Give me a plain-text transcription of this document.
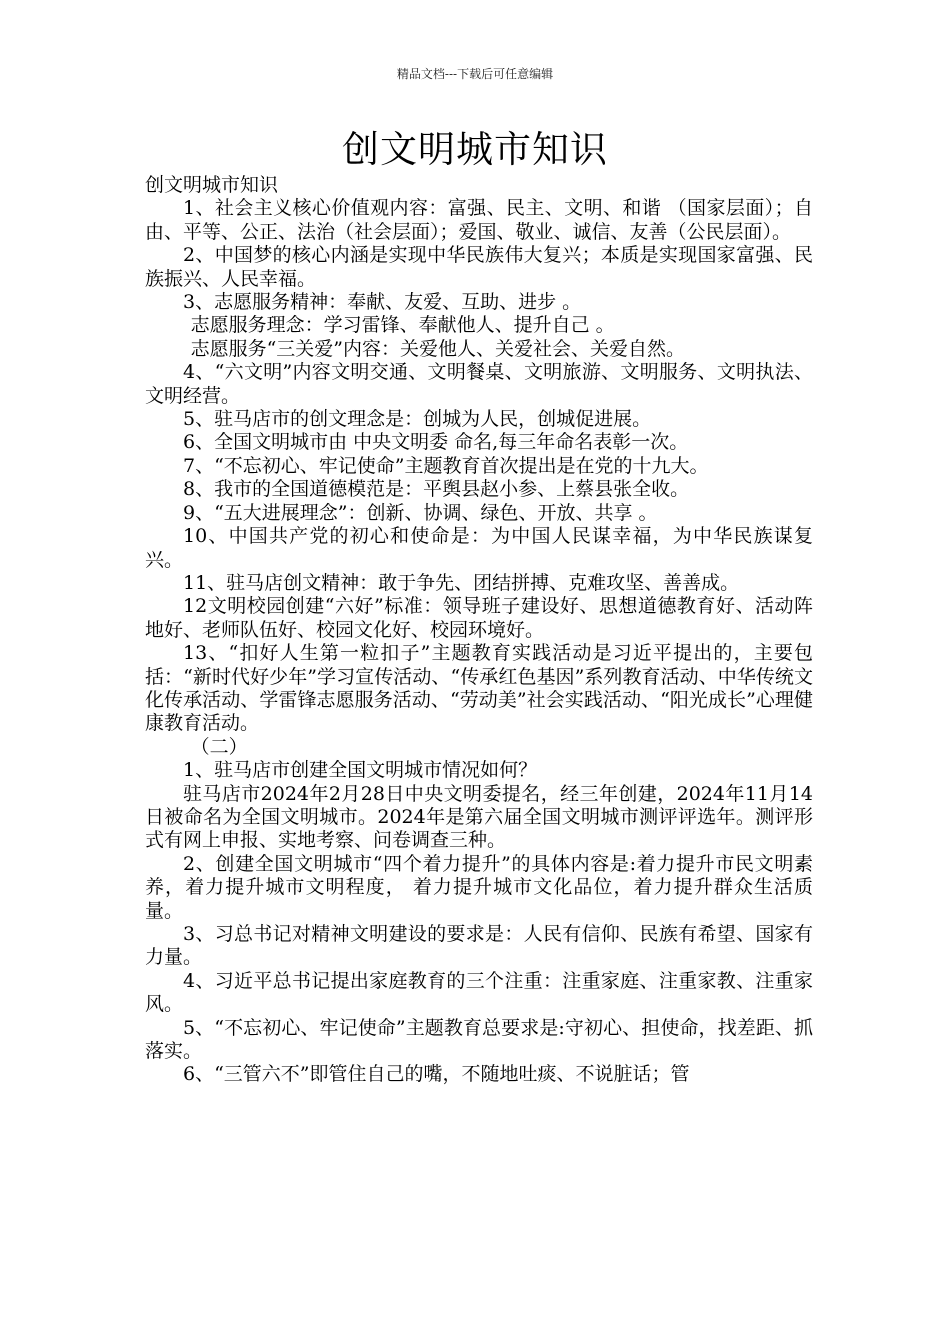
精品文档---下载后可任意编辑
创文明城市知识

创文明城市知识

1、社会主义核心价值观内容：富强、民主、文明、和谐 （国家层面）；自由、平等、公正、法治（社会层面）；爱国、敬业、诚信、友善（公民层面）。

2、中国梦的核心内涵是实现中华民族伟大复兴；本质是实现国家富强、民族振兴、人民幸福。

3、志愿服务精神：奉献、友爱、互助、进步 。

志愿服务理念：学习雷锋、奉献他人、提升自己 。

志愿服务“三关爱”内容：关爱他人、关爱社会、关爱自然。

4、“六文明”内容文明交通、文明餐桌、文明旅游、文明服务、文明执法、文明经营。

5、驻马店市的创文理念是：创城为人民，创城促进展。

6、全国文明城市由 中央文明委 命名,每三年命名表彰一次。

7、“不忘初心、牢记使命”主题教育首次提出是在党的十九大。

8、我市的全国道德模范是：平舆县赵小参、上蔡县张全收。

9、“五大进展理念”：创新、协调、绿色、开放、共享 。

10、中国共产党的初心和使命是：为中国人民谋幸福，为中华民族谋复兴。

11、驻马店创文精神：敢于争先、团结拼搏、克难攻坚、善善成。

12文明校园创建“六好”标准：领导班子建设好、思想道德教育好、活动阵地好、老师队伍好、校园文化好、校园环境好。

13、“扣好人生第一粒扣子”主题教育实践活动是习近平提出的，主要包括：“新时代好少年”学习宣传活动、“传承红色基因”系列教育活动、中华传统文化传承活动、学雷锋志愿服务活动、“劳动美”社会实践活动、“阳光成长”心理健康教育活动。

（二）

1、驻马店市创建全国文明城市情况如何？

驻马店市2024年2月28日中央文明委提名，经三年创建，2024年11月14日被命名为全国文明城市。2024年是第六届全国文明城市测评评选年。测评形式有网上申报、实地考察、问卷调查三种。

2、创建全国文明城市“四个着力提升”的具体内容是:着力提升市民文明素养，着力提升城市文明程度， 着力提升城市文化品位，着力提升群众生活质量。

3、习总书记对精神文明建设的要求是：人民有信仰、民族有希望、国家有力量。

4、习近平总书记提出家庭教育的三个注重：注重家庭、注重家教、注重家风。

5、“不忘初心、牢记使命”主题教育总要求是:守初心、担使命，找差距、抓落实。

6、“三管六不”即管住自己的嘴，不随地吐痰、不说脏话；管
